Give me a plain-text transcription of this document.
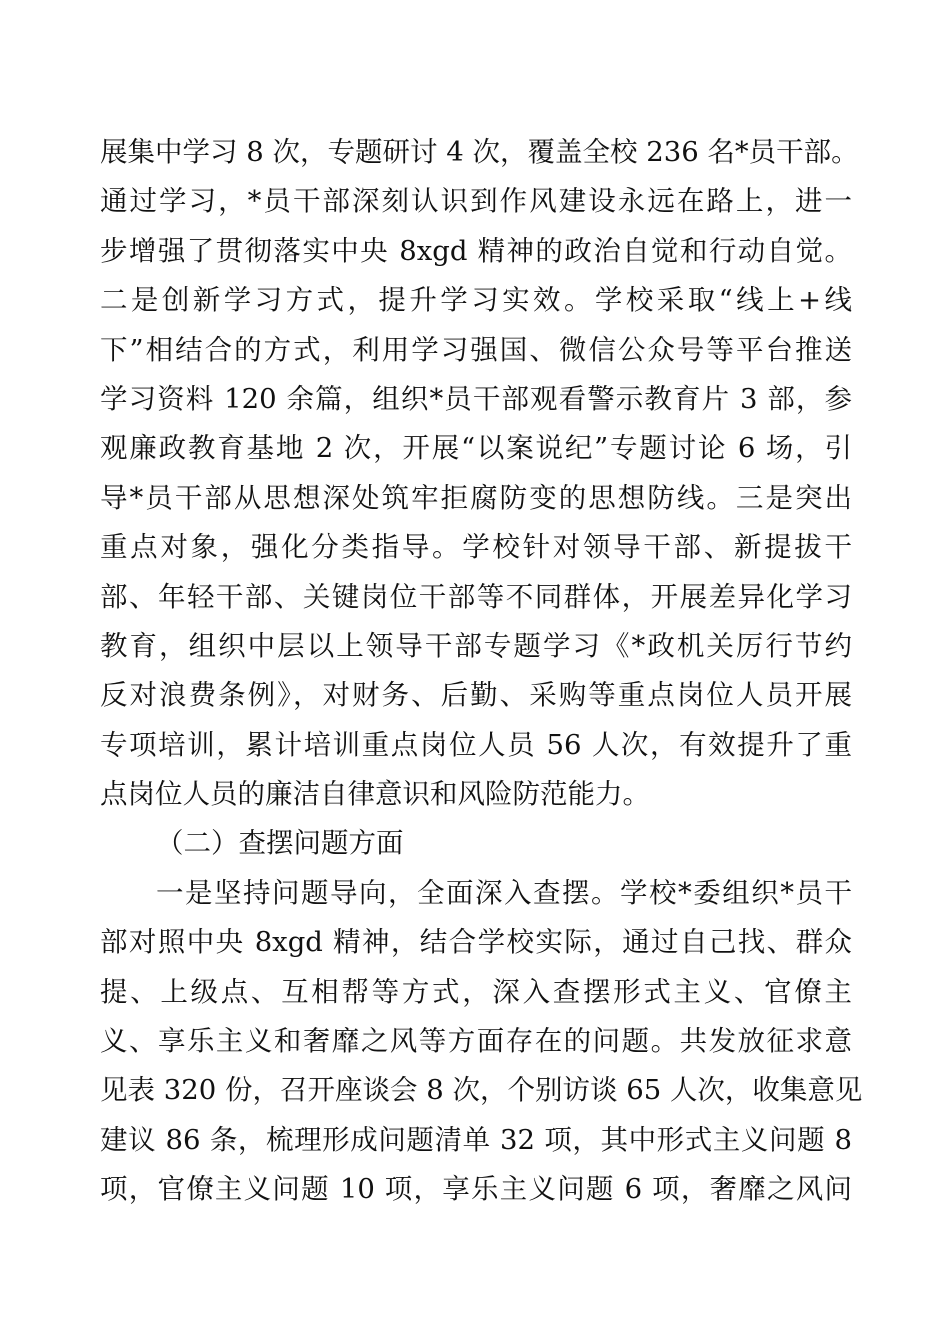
展集中学习 8 次，专题研讨 4 次，覆盖全校 236 名*员干部。
通过学习，*员干部深刻认识到作风建设永远在路上，进一
步增强了贯彻落实中央 8xgd 精神的政治自觉和行动自觉。
二是创新学习方式，提升学习实效。学校采取“线上+线
下”相结合的方式，利用学习强国、微信公众号等平台推送
学习资料 120 余篇，组织*员干部观看警示教育片 3 部，参
观廉政教育基地 2 次，开展“以案说纪”专题讨论 6 场，引
导*员干部从思想深处筑牢拒腐防变的思想防线。三是突出
重点对象，强化分类指导。学校针对领导干部、新提拔干
部、年轻干部、关键岗位干部等不同群体，开展差异化学习
教育，组织中层以上领导干部专题学习《*政机关厉行节约
反对浪费条例》，对财务、后勤、采购等重点岗位人员开展
专项培训，累计培训重点岗位人员 56 人次，有效提升了重
点岗位人员的廉洁自律意识和风险防范能力。
（二）查摆问题方面
一是坚持问题导向，全面深入查摆。学校*委组织*员干
部对照中央 8xgd 精神，结合学校实际，通过自己找、群众
提、上级点、互相帮等方式，深入查摆形式主义、官僚主
义、享乐主义和奢靡之风等方面存在的问题。共发放征求意
见表 320 份，召开座谈会 8 次，个别访谈 65 人次，收集意见
建议 86 条，梳理形成问题清单 32 项，其中形式主义问题 8
项，官僚主义问题 10 项，享乐主义问题 6 项，奢靡之风问
